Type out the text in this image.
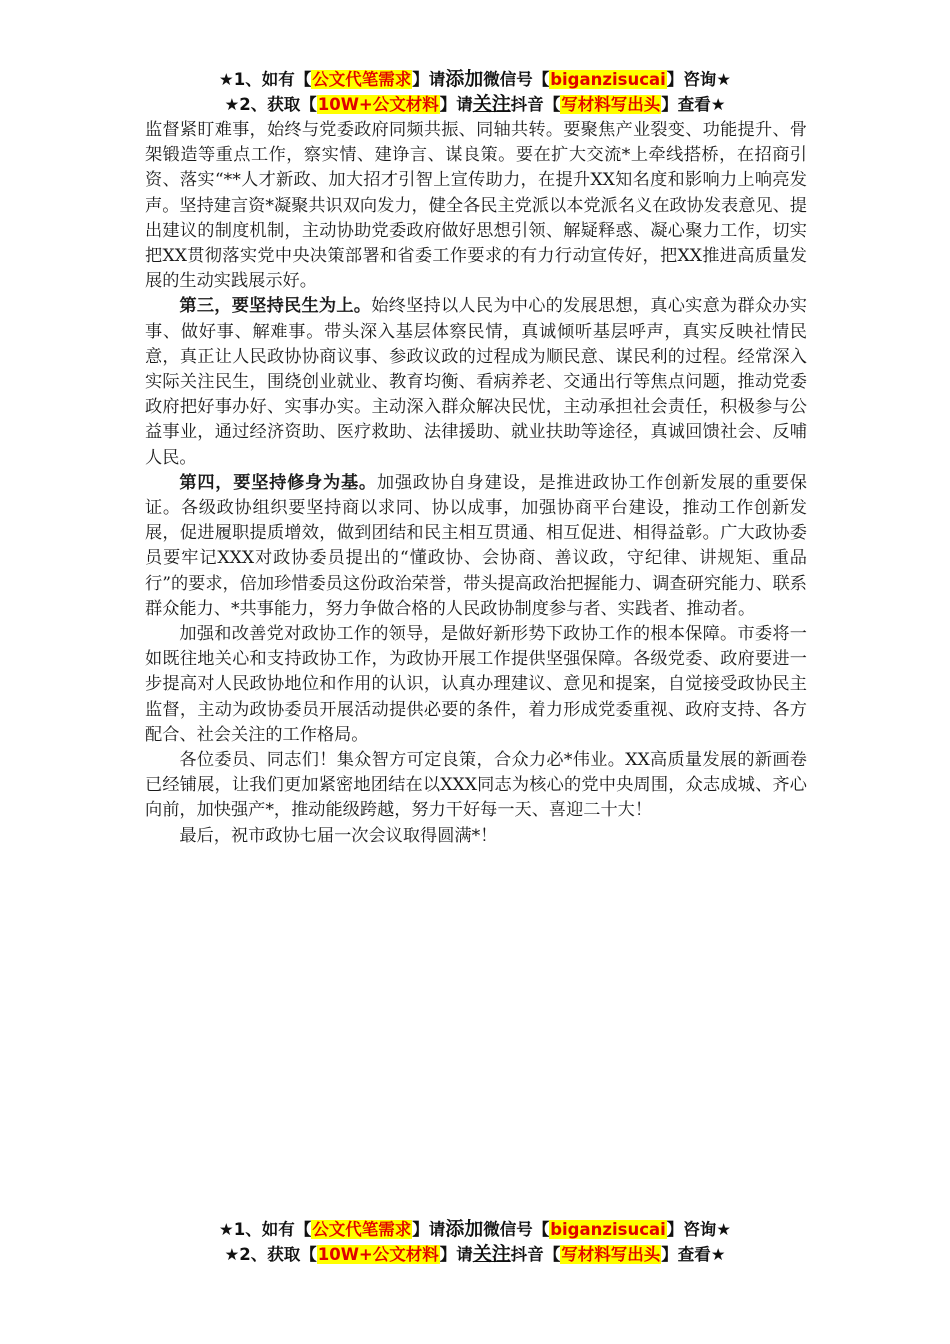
★1、如有【公文代笔需求】请添加微信号【biganzisucai】咨询★
★2、获取【10W+公文材料】请关注抖音【写材料写出头】查看★

监督紧盯难事，始终与党委政府同频共振、同轴共转。要聚焦产业裂变、功能提升、骨架锻造等重点工作，察实情、建诤言、谋良策。要在扩大交流*上牵线搭桥，在招商引资、落实“**人才新政、加大招才引智上宣传助力，在提升XX知名度和影响力上响亮发声。坚持建言资*凝聚共识双向发力，健全各民主党派以本党派名义在政协发表意见、提出建议的制度机制，主动协助党委政府做好思想引领、解疑释惑、凝心聚力工作，切实把XX贯彻落实党中央决策部署和省委工作要求的有力行动宣传好，把XX推进高质量发展的生动实践展示好。

第三，要坚持民生为上。始终坚持以人民为中心的发展思想，真心实意为群众办实事、做好事、解难事。带头深入基层体察民情，真诚倾听基层呼声，真实反映社情民意，真正让人民政协协商议事、参政议政的过程成为顺民意、谋民利的过程。经常深入实际关注民生，围绕创业就业、教育均衡、看病养老、交通出行等焦点问题，推动党委政府把好事办好、实事办实。主动深入群众解决民忧，主动承担社会责任，积极参与公益事业，通过经济资助、医疗救助、法律援助、就业扶助等途径，真诚回馈社会、反哺人民。

第四，要坚持修身为基。加强政协自身建设，是推进政协工作创新发展的重要保证。各级政协组织要坚持商以求同、协以成事，加强协商平台建设，推动工作创新发展，促进履职提质增效，做到团结和民主相互贯通、相互促进、相得益彰。广大政协委员要牢记XXX对政协委员提出的“懂政协、会协商、善议政，守纪律、讲规矩、重品行”的要求，倍加珍惜委员这份政治荣誉，带头提高政治把握能力、调查研究能力、联系群众能力、*共事能力，努力争做合格的人民政协制度参与者、实践者、推动者。

加强和改善党对政协工作的领导，是做好新形势下政协工作的根本保障。市委将一如既往地关心和支持政协工作，为政协开展工作提供坚强保障。各级党委、政府要进一步提高对人民政协地位和作用的认识，认真办理建议、意见和提案，自觉接受政协民主监督，主动为政协委员开展活动提供必要的条件，着力形成党委重视、政府支持、各方配合、社会关注的工作格局。

各位委员、同志们！集众智方可定良策，合众力必*伟业。XX高质量发展的新画卷已经铺展，让我们更加紧密地团结在以XXX同志为核心的党中央周围，众志成城、齐心向前，加快强产*，推动能级跨越，努力干好每一天、喜迎二十大！

最后，祝市政协七届一次会议取得圆满*！

★1、如有【公文代笔需求】请添加微信号【biganzisucai】咨询★
★2、获取【10W+公文材料】请关注抖音【写材料写出头】查看★
